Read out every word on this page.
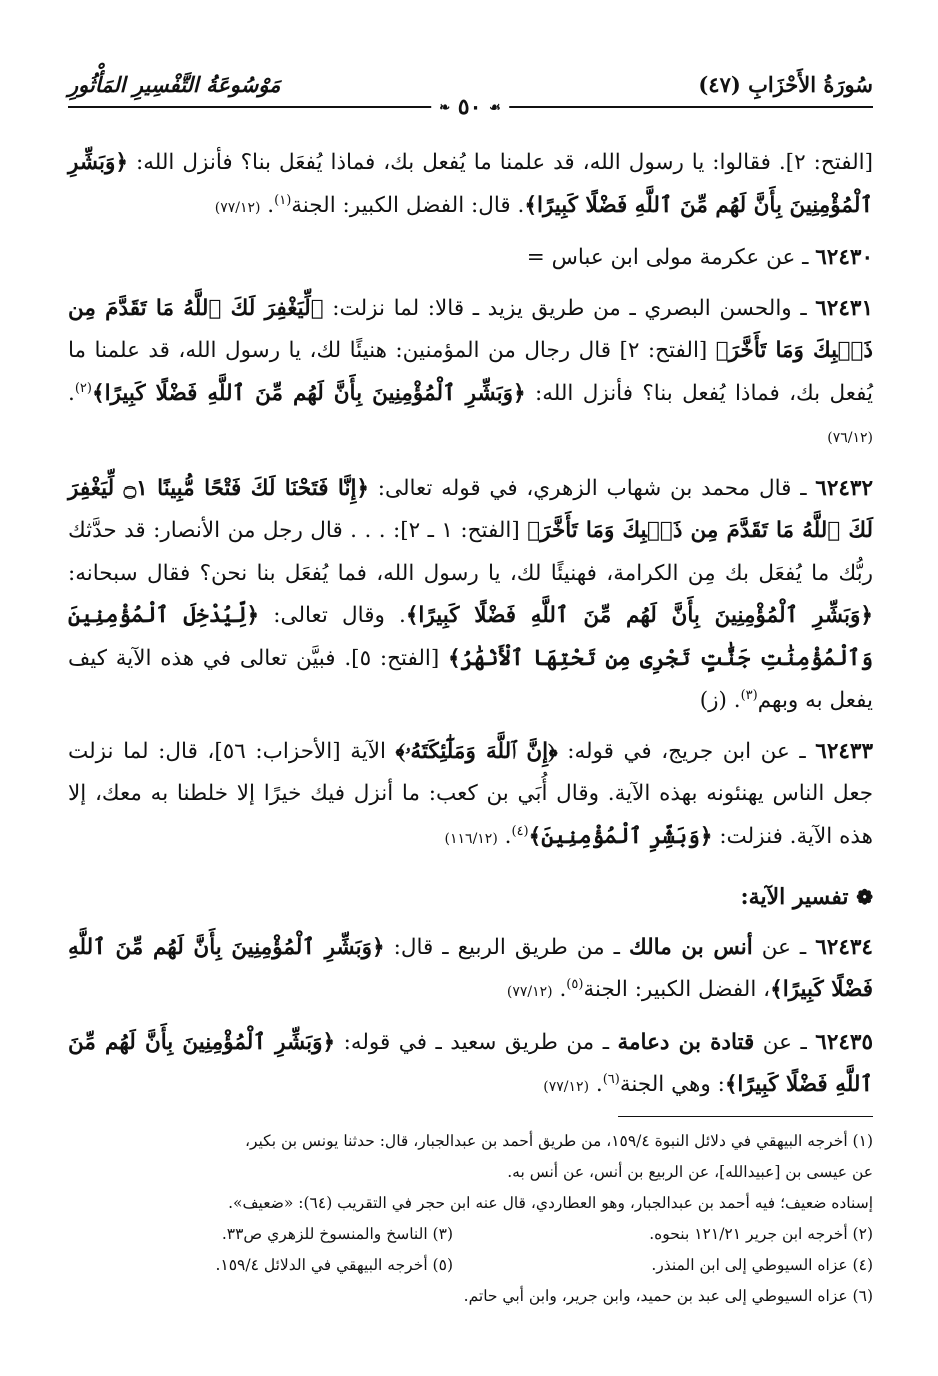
سُورَةُ الأَحْزَابِ (٤٧)
مَوْسُوعَةُ التَّفْسِيرِ المَأْثُورِ
☙ ٥٠ ❧

[الفتح: ٢]. فقالوا: يا رسول الله، قد علمنا ما يُفعل بك، فماذا يُفعَل بنا؟ فأنزل الله: ﴿وَبَشِّرِ ٱلْمُؤْمِنِينَ بِأَنَّ لَهُم مِّنَ ٱللَّهِ فَضْلًا كَبِيرًا﴾. قال: الفضل الكبير: الجنة$^{(١)}$. (٧٧/١٢)

٦٢٤٣٠ ـ عن عكرمة مولى ابن عباس =

٦٢٤٣١ ـ والحسن البصري ـ من طريق يزيد ـ قالا: لما نزلت: ﴿لِّيَغْفِرَ لَكَ ٱللَّهُ مَا تَقَدَّمَ مِن ذَنۢبِكَ وَمَا تَأَخَّرَ﴾ [الفتح: ٢] قال رجال من المؤمنين: هنيئًا لك، يا رسول الله، قد علمنا ما يُفعل بك، فماذا يُفعل بنا؟ فأنزل الله: ﴿وَبَشِّرِ ٱلْمُؤْمِنِينَ بِأَنَّ لَهُم مِّنَ ٱللَّهِ فَضْلًا كَبِيرًا﴾$^{(٢)}$. (٧٦/١٢)

٦٢٤٣٢ ـ قال محمد بن شهاب الزهري، في قوله تعالى: ﴿إِنَّا فَتَحْنَا لَكَ فَتْحًا مُّبِينًا ۝١ لِّيَغْفِرَ لَكَ ٱللَّهُ مَا تَقَدَّمَ مِن ذَنۢبِكَ وَمَا تَأَخَّرَ﴾ [الفتح: ١ ـ ٢]: . . . قال رجل من الأنصار: قد حدَّثك ربُّك ما يُفعَل بك مِن الكرامة، فهنيئًا لك، يا رسول الله، فما يُفعَل بنا نحن؟ فقال سبحانه: ﴿وَبَشِّرِ ٱلْمُؤْمِنِينَ بِأَنَّ لَهُم مِّنَ ٱللَّهِ فَضْلًا كَبِيرًا﴾. وقال تعالى: ﴿لِّيُدْخِلَ ٱلْمُؤْمِنِينَ وَٱلْمُؤْمِنَٰتِ جَنَّٰتٍ تَجْرِى مِن تَحْتِهَا ٱلْأَنْهَٰرُ﴾ [الفتح: ٥]. فبيَّن تعالى في هذه الآية كيف يفعل به وبهم$^{(٣)}$. (ز)

٦٢٤٣٣ ـ عن ابن جريج، في قوله: ﴿إِنَّ ٱللَّهَ وَمَلَٰٓئِكَتَهُۥ﴾ الآية [الأحزاب: ٥٦]، قال: لما نزلت جعل الناس يهنئونه بهذه الآية. وقال أُبَي بن كعب: ما أنزل فيك خيرًا إلا خلطنا به معك، إلا هذه الآية. فنزلت: ﴿وَبَشِّرِ ٱلْمُؤْمِنِينَ﴾$^{(٤)}$. (١١٦/١٢)

❁ تفسير الآية:

٦٢٤٣٤ ـ عن أنس بن مالك ـ من طريق الربيع ـ قال: ﴿وَبَشِّرِ ٱلْمُؤْمِنِينَ بِأَنَّ لَهُم مِّنَ ٱللَّهِ فَضْلًا كَبِيرًا﴾، الفضل الكبير: الجنة$^{(٥)}$. (٧٧/١٢)

٦٢٤٣٥ ـ عن قتادة بن دعامة ـ من طريق سعيد ـ في قوله: ﴿وَبَشِّرِ ٱلْمُؤْمِنِينَ بِأَنَّ لَهُم مِّنَ ٱللَّهِ فَضْلًا كَبِيرًا﴾: وهي الجنة$^{(٦)}$. (٧٧/١٢)

(١) أخرجه البيهقي في دلائل النبوة ١٥٩/٤، من طريق أحمد بن عبدالجبار، قال: حدثنا يونس بن بكير،
عن عيسى بن [عبيدالله]، عن الربيع بن أنس، عن أنس به.
إسناده ضعيف؛ فيه أحمد بن عبدالجبار، وهو العطاردي، قال عنه ابن حجر في التقريب (٦٤): «ضعيف».
(٢) أخرجه ابن جرير ١٢١/٢١ بنحوه.
(٣) الناسخ والمنسوخ للزهري ص٣٣.
(٤) عزاه السيوطي إلى ابن المنذر.
(٥) أخرجه البيهقي في الدلائل ١٥٩/٤.
(٦) عزاه السيوطي إلى عبد بن حميد، وابن جرير، وابن أبي حاتم.
